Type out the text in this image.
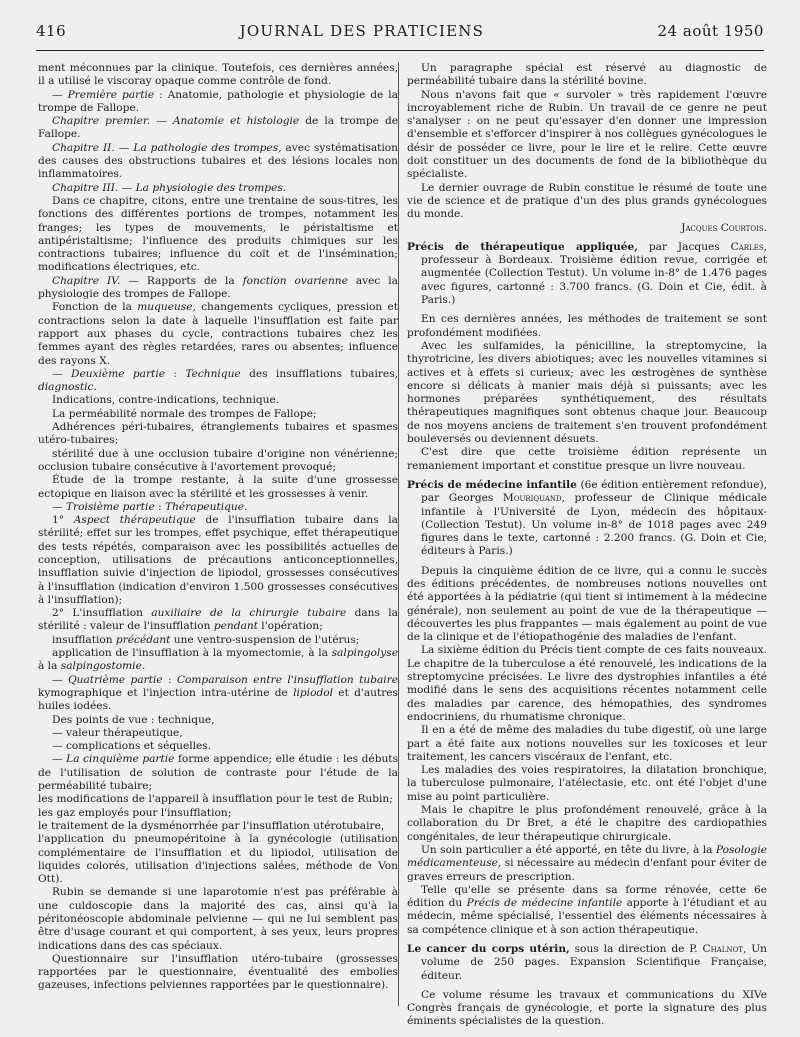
416	JOURNAL DES PRATICIENS	24 août 1950

ment méconnues par la clinique. Toutefois, ces dernières années, il a utilisé le viscoray opaque comme contrôle de fond.

— Première partie : Anatomie, pathologie et physiologie de la trompe de Fallope.

Chapitre premier. — Anatomie et histologie de la trompe de Fallope.

Chapitre II. — La pathologie des trompes, avec systématisation des causes des obstructions tubaires et des lésions locales non inflammatoires.

Chapitre III. — La physiologie des trompes.

Dans ce chapitre, citons, entre une trentaine de sous-titres, les fonctions des différentes portions de trompes, notamment les franges; les types de mouvements, le péristaltisme et antipéristaltisme; l'influence des produits chimiques sur les contractions tubaires; influence du coït et de l'insémination; modifications électriques, etc.

Chapitre IV. — Rapports de la fonction ovarienne avec la physiologie des trompes de Fallope.

Fonction de la muqueuse, changements cycliques, pression et contractions selon la date à laquelle l'insufflation est faite par rapport aux phases du cycle, contractions tubaires chez les femmes ayant des règles retardées, rares ou absentes; influence des rayons X.

— Deuxième partie : Technique des insufflations tubaires, diagnostic.

Indications, contre-indications, technique.

La perméabilité normale des trompes de Fallope;

Adhérences péri-tubaires, étranglements tubaires et spasmes utéro-tubaires;

stérilité due à une occlusion tubaire d'origine non vénérienne; occlusion tubaire consécutive à l'avortement provoqué;

Étude de la trompe restante, à la suite d'une grossesse ectopique en liaison avec la stérilité et les grossesses à venir.

— Troisième partie : Thérapeutique.

1° Aspect thérapeutique de l'insufflation tubaire dans la stérilité; effet sur les trompes, effet psychique, effet thérapeutique des tests répétés, comparaison avec les possibilités actuelles de conception, utilisations de précautions anticonceptionnelles, insufflation suivie d'injection de lipiodol, grossesses consécutives à l'insufflation (indication d'environ 1.500 grossesses consécutives à l'insufflation);

2° L'insufflation auxiliaire de la chirurgie tubaire dans la stérilité : valeur de l'insufflation pendant l'opération;

insufflation précédant une ventro-suspension de l'utérus;

application de l'insufflation à la myomectomie, à la salpingolyse à la salpingostomie.

— Quatrième partie : Comparaison entre l'insufflation tubaire kymographique et l'injection intra-utérine de lipiodol et d'autres huiles iodées.

Des points de vue : technique,

— valeur thérapeutique,

— complications et séquelles.

— La cinquième partie forme appendice; elle étudie : les débuts de l'utilisation de solution de contraste pour l'étude de la perméabilité tubaire;

les modifications de l'appareil à insufflation pour le test de Rubin;

les gaz employés pour l'insufflation;

le traitement de la dysménorrhée par l'insufflation utérotubaire,

l'application du pneumopéritoine à la gynécologie (utilisation complémentaire de l'insufflation et du lipiodol, utilisation de liquides colorés, utilisation d'injections salées, méthode de Von Ott).

Rubin se demande si une laparotomie n'est pas préférable à une culdoscopie dans la majorité des cas, ainsi qu'à la péritonéoscopie abdominale pelvienne — qui ne lui semblent pas être d'usage courant et qui comportent, à ses yeux, leurs propres indications dans des cas spéciaux.

Questionnaire sur l'insufflation utéro-tubaire (grossesses rapportées par le questionnaire, éventualité des embolies gazeuses, infections pelviennes rapportées par le questionnaire).

Un paragraphe spécial est réservé au diagnostic de perméabilité tubaire dans la stérilité bovine.

Nous n'avons fait que « survoler » très rapidement l'œuvre incroyablement riche de Rubin. Un travail de ce genre ne peut s'analyser : on ne peut qu'essayer d'en donner une impression d'ensemble et s'efforcer d'inspirer à nos collègues gynécologues le désir de posséder ce livre, pour le lire et le relire. Cette œuvre doit constituer un des documents de fond de la bibliothèque du spécialiste.

Le dernier ouvrage de Rubin constitue le résumé de toute une vie de science et de pratique d'un des plus grands gynécologues du monde.

Jacques Courtois.

Précis de thérapeutique appliquée, par Jacques Carles, professeur à Bordeaux. Troisième édition revue, corrigée et augmentée (Collection Testut). Un volume in-8° de 1.476 pages avec figures, cartonné : 3.700 francs. (G. Doin et Cie, édit. à Paris.)

En ces dernières années, les méthodes de traitement se sont profondément modifiées.

Avec les sulfamides, la pénicilline, la streptomycine, la thyrotricine, les divers abiotiques; avec les nouvelles vitamines si actives et à effets si curieux; avec les œstrogènes de synthèse encore si délicats à manier mais déjà si puissants; avec les hormones préparées synthétiquement, des résultats thérapeutiques magnifiques sont obtenus chaque jour. Beaucoup de nos moyens anciens de traitement s'en trouvent profondément bouleversés ou deviennent désuets.

C'est dire que cette troisième édition représente un remaniement important et constitue presque un livre nouveau.

Précis de médecine infantile (6e édition entièrement refondue), par Georges Mouriquand, professeur de Clinique médicale infantile à l'Université de Lyon, médecin des hôpitaux-(Collection Testut). Un volume in-8° de 1018 pages avec 249 figures dans le texte, cartonné : 2.200 francs. (G. Doin et Cie, éditeurs à Paris.)

Depuis la cinquième édition de ce livre, qui a connu le succès des éditions précédentes, de nombreuses notions nouvelles ont été apportées à la pédiatrie (qui tient si intimement à la médecine générale), non seulement au point de vue de la thérapeutique — découvertes les plus frappantes — mais également au point de vue de la clinique et de l'étiopathogénie des maladies de l'enfant.

La sixième édition du Précis tient compte de ces faits nouveaux. Le chapitre de la tuberculose a été renouvelé, les indications de la streptomycine précisées. Le livre des dystrophies infantiles a été modifié dans le sens des acquisitions récentes notamment celle des maladies par carence, des hémopathies, des syndromes endocriniens, du rhumatisme chronique.

Il en a été de même des maladies du tube digestif, où une large part a été faite aux notions nouvelles sur les toxicoses et leur traitement, les cancers viscéraux de l'enfant, etc.

Les maladies des voies respiratoires, la dilatation bronchique, la tuberculose pulmonaire, l'atélectasie, etc. ont été l'objet d'une mise au point particulière.

Mais le chapitre le plus profondément renouvelé, grâce à la collaboration du Dr Bret, a été le chapitre des cardiopathies congénitales, de leur thérapeutique chirurgicale.

Un soin particulier a été apporté, en tête du livre, à la Posologie médicamenteuse, si nécessaire au médecin d'enfant pour éviter de graves erreurs de prescription.

Telle qu'elle se présente dans sa forme rénovée, cette 6e édition du Précis de médecine infantile apporte à l'étudiant et au médecin, même spécialisé, l'essentiel des éléments nécessaires à sa compétence clinique et à son action thérapeutique.

Le cancer du corps utérin, sous la direction de P. Chalnot, Un volume de 250 pages. Expansion Scientifique Française, éditeur.

Ce volume résume les travaux et communications du XIVe Congrès français de gynécologie, et porte la signature des plus éminents spécialistes de la question.
